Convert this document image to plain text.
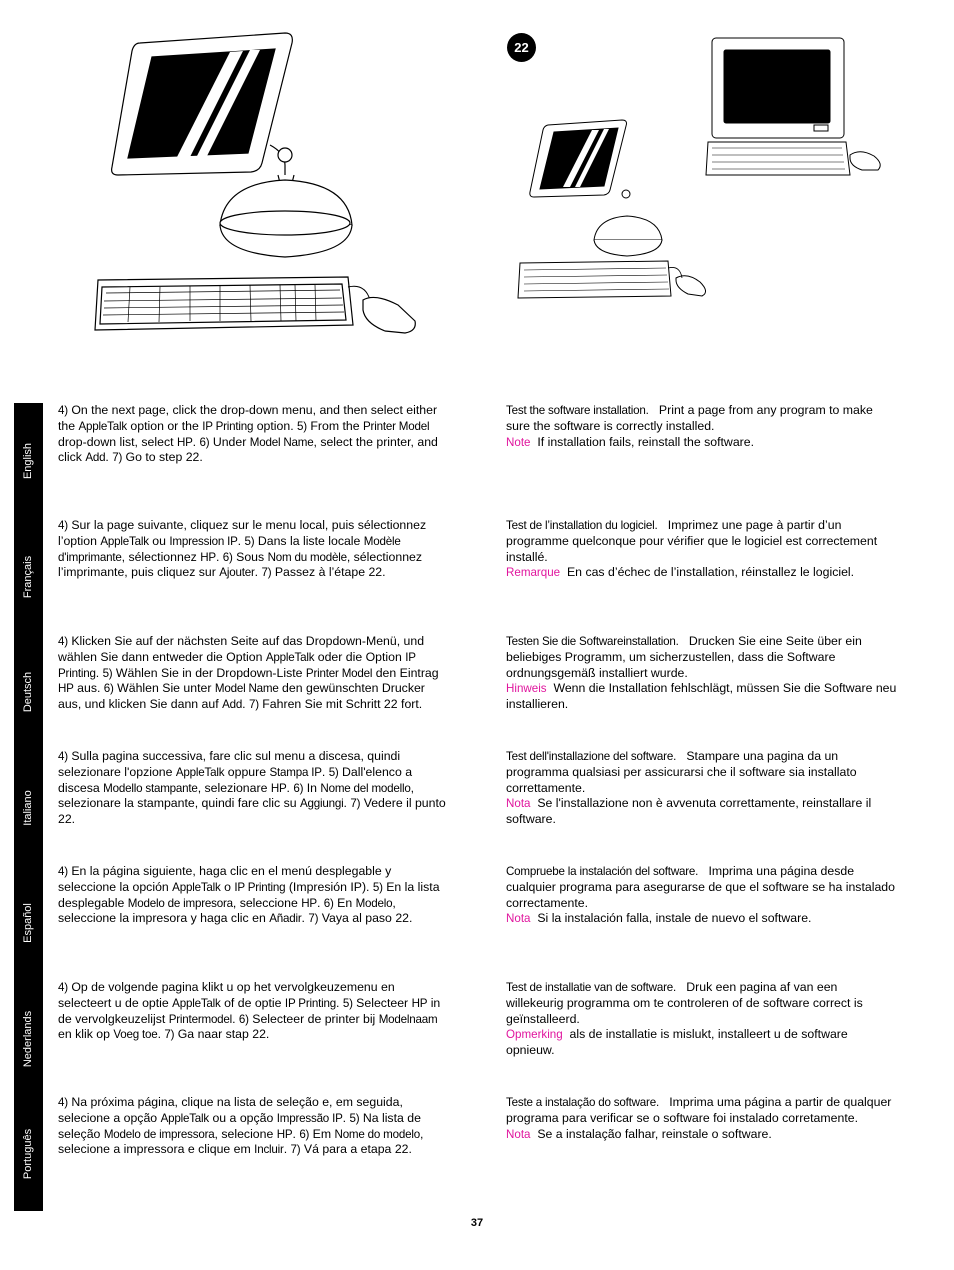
22
English
Français
Deutsch
Italiano
Español
Nederlands
Português

4) On the next page, click the drop-down menu, and then select either the AppleTalk option or the IP Printing option. 5) From the Printer Model drop-down list, select HP. 6) Under Model Name, select the printer, and click Add. 7) Go to step 22.

Test the software installation. Print a page from any program to make sure the software is correctly installed.

Note If installation fails, reinstall the software.

4) Sur la page suivante, cliquez sur le menu local, puis sélectionnez l’option AppleTalk ou Impression IP. 5) Dans la liste locale Modèle d'imprimante, sélectionnez HP. 6) Sous Nom du modèle, sélectionnez l’imprimante, puis cliquez sur Ajouter. 7) Passez à l’étape 22.

Test de l’installation du logiciel. Imprimez une page à partir d’un programme quelconque pour vérifier que le logiciel est correctement installé.

Remarque En cas d’échec de l’installation, réinstallez le logiciel.

4) Klicken Sie auf der nächsten Seite auf das Dropdown-Menü, und wählen Sie dann entweder die Option AppleTalk oder die Option IP Printing. 5) Wählen Sie in der Dropdown-Liste Printer Model den Eintrag HP aus. 6) Wählen Sie unter Model Name den gewünschten Drucker aus, und klicken Sie dann auf Add. 7) Fahren Sie mit Schritt 22 fort.

Testen Sie die Softwareinstallation. Drucken Sie eine Seite über ein beliebiges Programm, um sicherzustellen, dass die Software ordnungsgemäß installiert wurde.

Hinweis Wenn die Installation fehlschlägt, müssen Sie die Software neu installieren.

4) Sulla pagina successiva, fare clic sul menu a discesa, quindi selezionare l'opzione AppleTalk oppure Stampa IP. 5) Dall'elenco a discesa Modello stampante, selezionare HP. 6) In Nome del modello, selezionare la stampante, quindi fare clic su Aggiungi. 7) Vedere il punto 22.

Test dell'installazione del software. Stampare una pagina da un programma qualsiasi per assicurarsi che il software sia installato correttamente.

Nota Se l'installazione non è avvenuta correttamente, reinstallare il software.

4) En la página siguiente, haga clic en el menú desplegable y seleccione la opción AppleTalk o IP Printing (Impresión IP). 5) En la lista desplegable Modelo de impresora, seleccione HP. 6) En Modelo, seleccione la impresora y haga clic en Añadir. 7) Vaya al paso 22.

Compruebe la instalación del software. Imprima una página desde cualquier programa para asegurarse de que el software se ha instalado correctamente.

Nota Si la instalación falla, instale de nuevo el software.

4) Op de volgende pagina klikt u op het vervolgkeuzemenu en selecteert u de optie AppleTalk of de optie IP Printing. 5) Selecteer HP in de vervolgkeuzelijst Printermodel. 6) Selecteer de printer bij Modelnaam en klik op Voeg toe. 7) Ga naar stap 22.

Test de installatie van de software. Druk een pagina af van een willekeurig programma om te controleren of de software correct is geïnstalleerd.

Opmerking als de installatie is mislukt, installeert u de software opnieuw.

4) Na próxima página, clique na lista de seleção e, em seguida, selecione a opção AppleTalk ou a opção Impressão IP. 5) Na lista de seleção Modelo de impressora, selecione HP. 6) Em Nome do modelo, selecione a impressora e clique em Incluir. 7) Vá para a etapa 22.

Teste a instalação do software. Imprima uma página a partir de qualquer programa para verificar se o software foi instalado corretamente.

Nota Se a instalação falhar, reinstale o software.

37
